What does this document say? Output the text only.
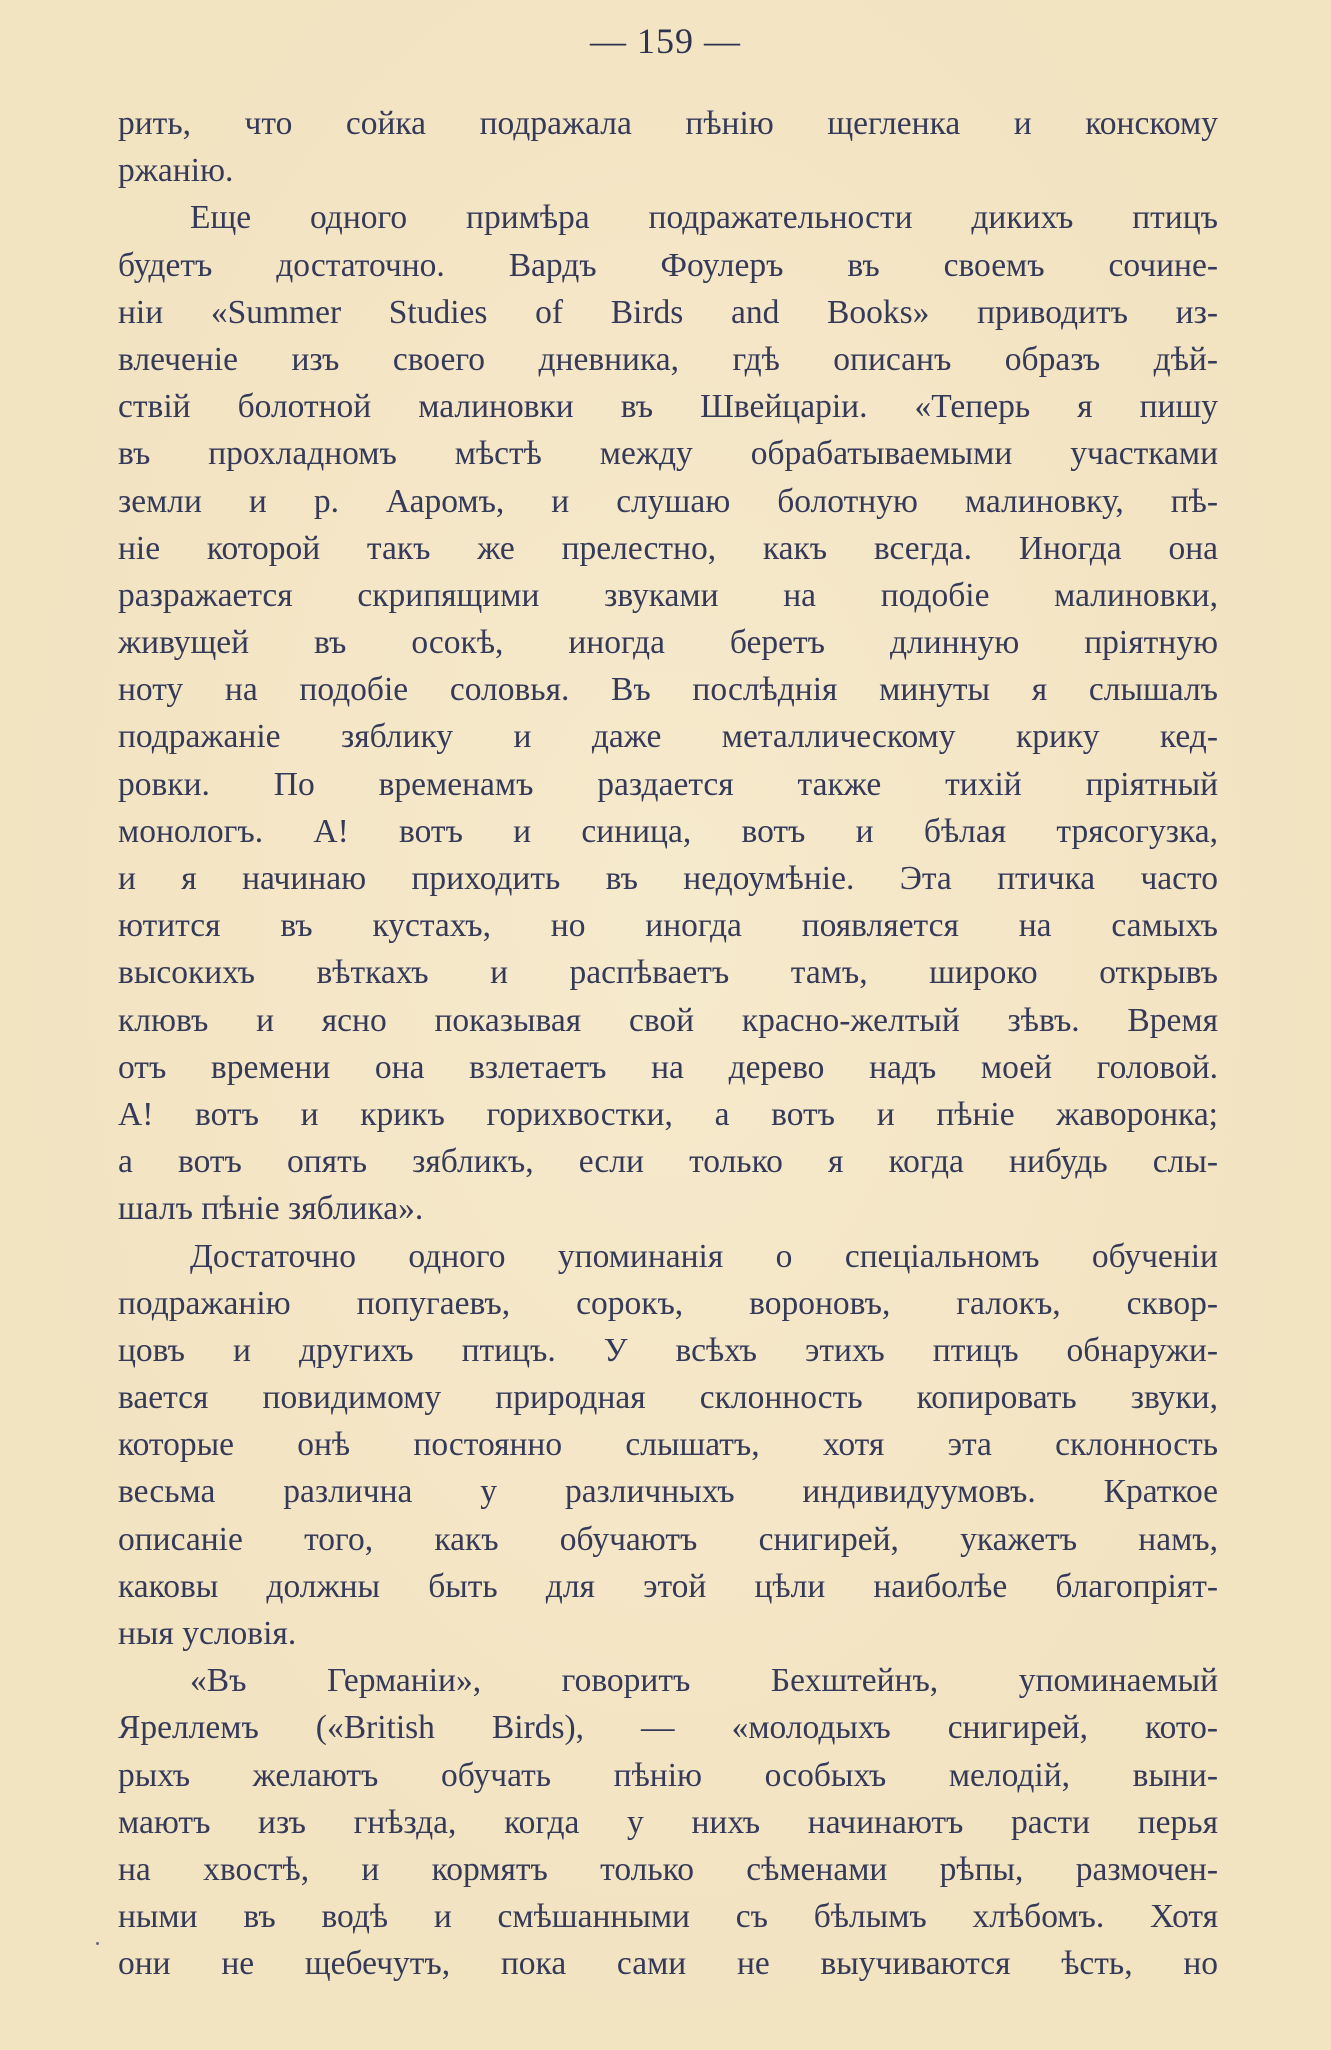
— 159 —
рить, что сойка подражала пѣнію щегленка и конскому
ржанію.
Еще одного примѣра подражательности дикихъ птицъ
будетъ достаточно. Вардъ Фоулеръ въ своемъ сочине-
ніи «Summer Studies of Birds and Books» приводитъ из-
влеченіе изъ своего дневника, гдѣ описанъ образъ дѣй-
ствій болотной малиновки въ Швейцаріи. «Теперь я пишу
въ прохладномъ мѣстѣ между обрабатываемыми участками
земли и р. Ааромъ, и слушаю болотную малиновку, пѣ-
ніе которой такъ же прелестно, какъ всегда. Иногда она
разражается скрипящими звуками на подобіе малиновки,
живущей въ осокѣ, иногда беретъ длинную пріятную
ноту на подобіе соловья. Въ послѣднія минуты я слышалъ
подражаніе зяблику и даже металлическому крику кед-
ровки. По временамъ раздается также тихій пріятный
монологъ. А! вотъ и синица, вотъ и бѣлая трясогузка,
и я начинаю приходить въ недоумѣніе. Эта птичка часто
ютится въ кустахъ, но иногда появляется на самыхъ
высокихъ вѣткахъ и распѣваетъ тамъ, широко открывъ
клювъ и ясно показывая свой красно-желтый зѣвъ. Время
отъ времени она взлетаетъ на дерево надъ моей головой.
А! вотъ и крикъ горихвостки, а вотъ и пѣніе жаворонка;
а вотъ опять зябликъ, если только я когда нибудь слы-
шалъ пѣніе зяблика».
Достаточно одного упоминанія о спеціальномъ обученіи
подражанію попугаевъ, сорокъ, вороновъ, галокъ, сквор-
цовъ и другихъ птицъ. У всѣхъ этихъ птицъ обнаружи-
вается повидимому природная склонность копировать звуки,
которые онѣ постоянно слышатъ, хотя эта склонность
весьма различна у различныхъ индивидуумовъ. Краткое
описаніе того, какъ обучаютъ снигирей, укажетъ намъ,
каковы должны быть для этой цѣли наиболѣе благопріят-
ныя условія.
«Въ Германіи», говоритъ Бехштейнъ, упоминаемый
Яреллемъ («British Birds), — «молодыхъ снигирей, кото-
рыхъ желаютъ обучать пѣнію особыхъ мелодій, выни-
маютъ изъ гнѣзда, когда у нихъ начинаютъ расти перья
на хвостѣ, и кормятъ только сѣменами рѣпы, размочен-
ными въ водѣ и смѣшанными съ бѣлымъ хлѣбомъ. Хотя
они не щебечутъ, пока сами не выучиваются ѣсть, но
